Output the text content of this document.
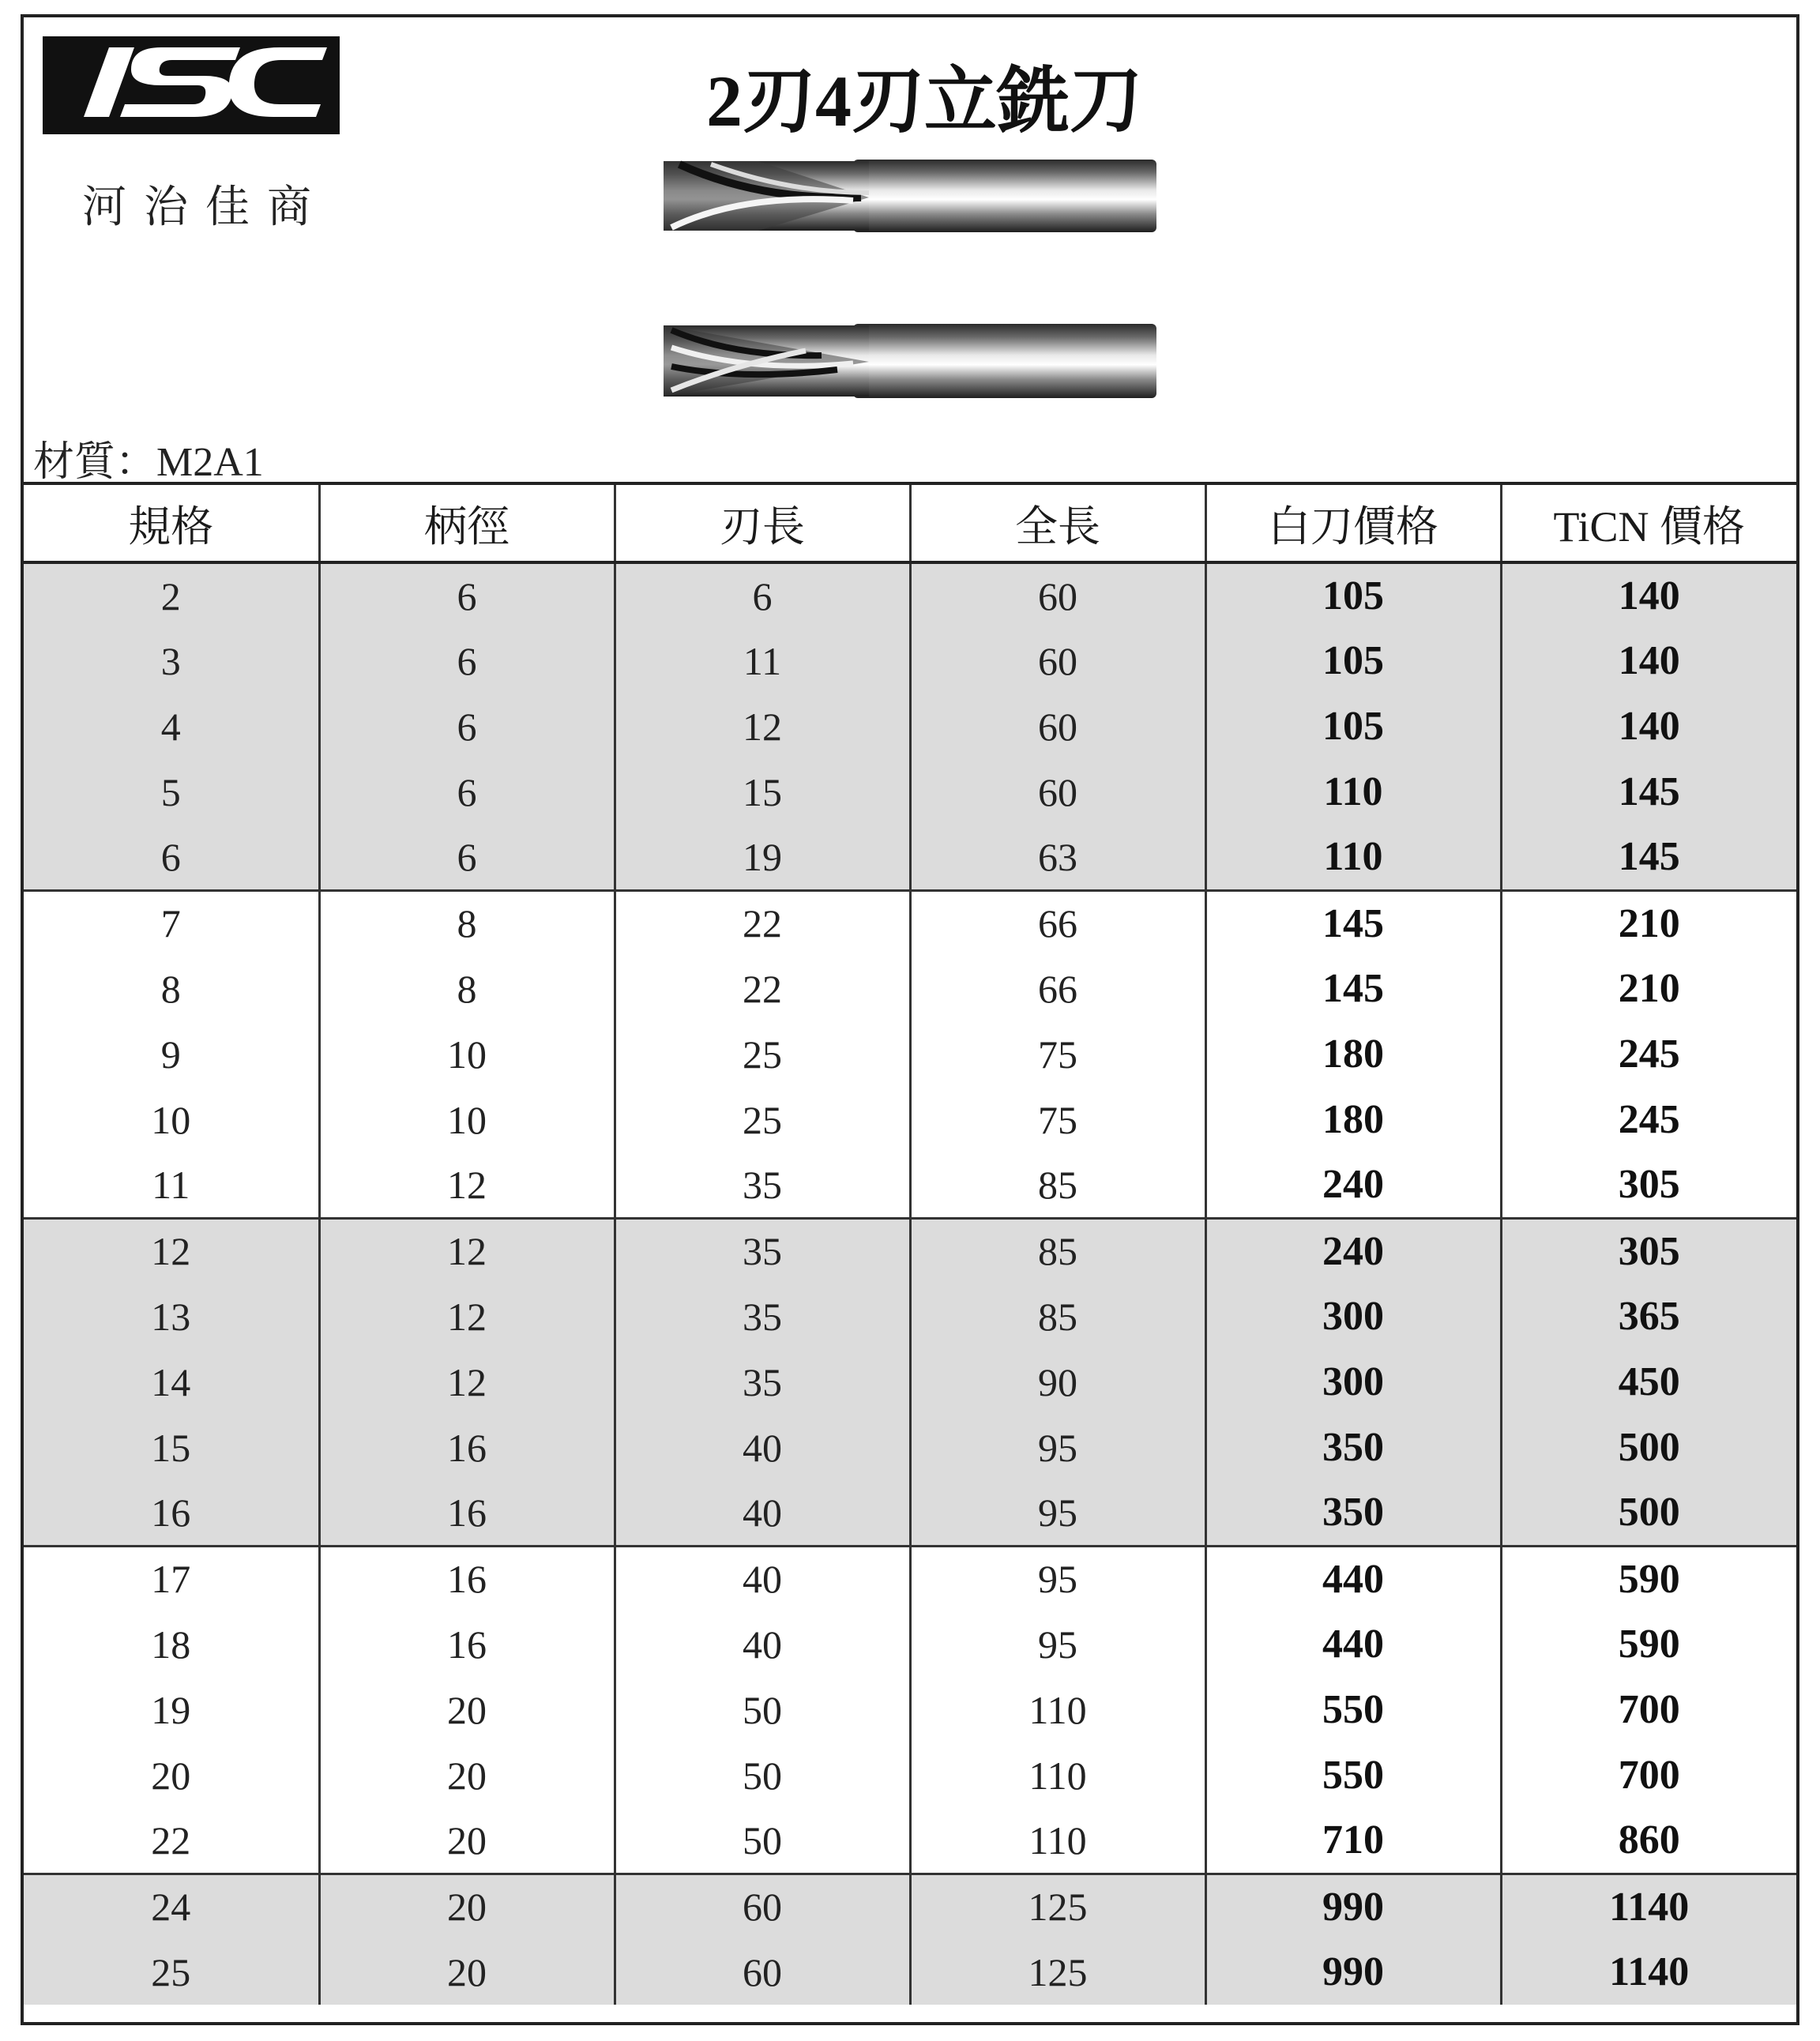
河治佳商
2刃4刃立銑刀
材質：M2A1
規格	柄徑	刃長	全長	白刀價格	TiCN 價格
2	6	6	60	105	140
3	6	11	60	105	140
4	6	12	60	105	140
5	6	15	60	110	145
6	6	19	63	110	145
7	8	22	66	145	210
8	8	22	66	145	210
9	10	25	75	180	245
10	10	25	75	180	245
11	12	35	85	240	305
12	12	35	85	240	305
13	12	35	85	300	365
14	12	35	90	300	450
15	16	40	95	350	500
16	16	40	95	350	500
17	16	40	95	440	590
18	16	40	95	440	590
19	20	50	110	550	700
20	20	50	110	550	700
22	20	50	110	710	860
24	20	60	125	990	1140
25	20	60	125	990	1140
